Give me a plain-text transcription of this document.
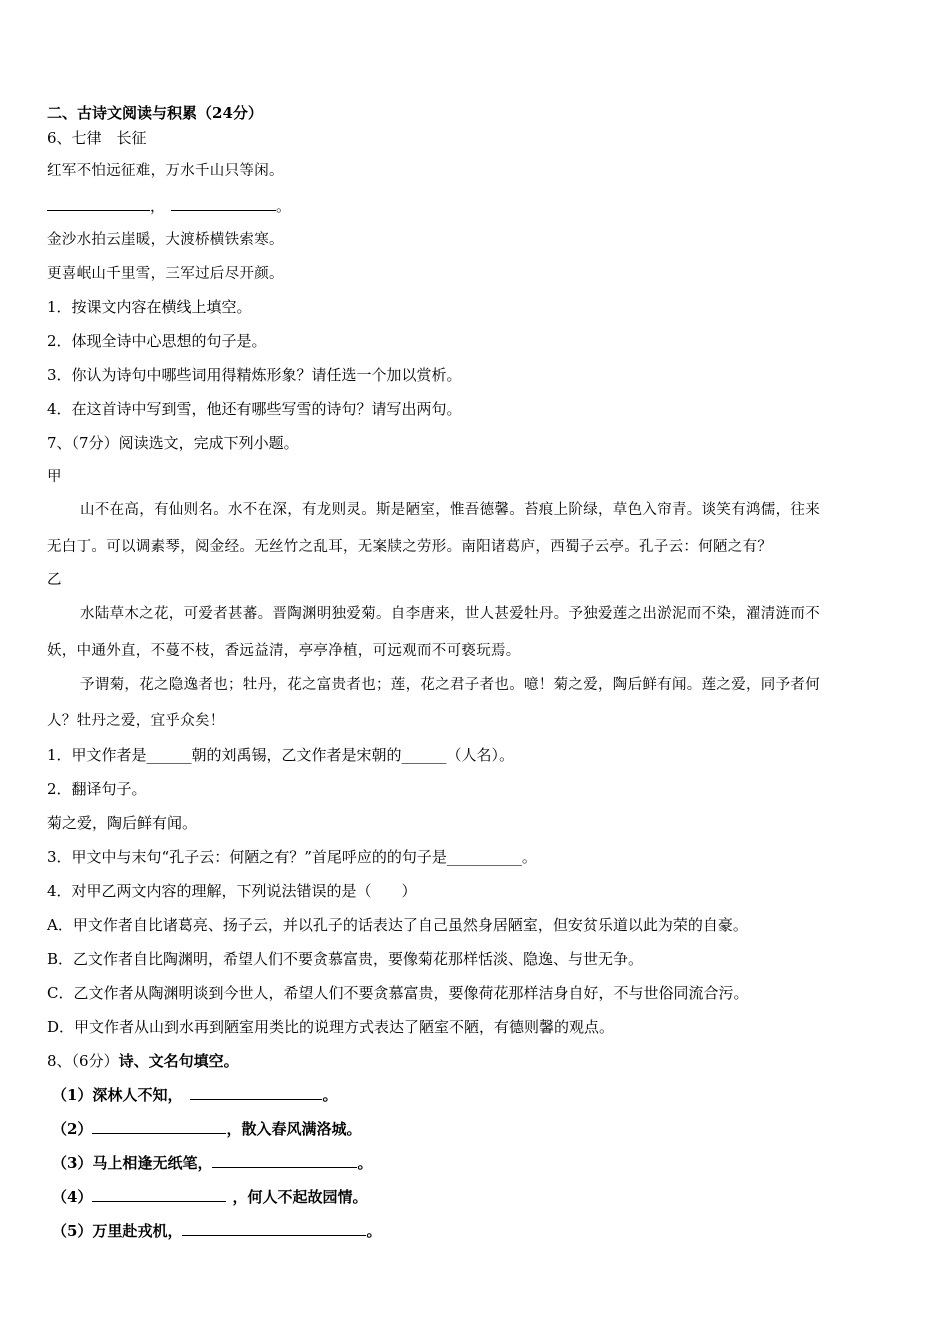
二、古诗文阅读与积累（24分）
6、七律　长征
红军不怕远征难，万水千山只等闲。
，	。
金沙水拍云崖暖，大渡桥横铁索寒。
更喜岷山千里雪，三军过后尽开颜。
1．按课文内容在横线上填空。
2．体现全诗中心思想的句子是。
3．你认为诗句中哪些词用得精炼形象？请任选一个加以赏析。
4．在这首诗中写到雪，他还有哪些写雪的诗句？请写出两句。
7、（7分）阅读选文，完成下列小题。
甲
山不在高，有仙则名。水不在深，有龙则灵。斯是陋室，惟吾德馨。苔痕上阶绿，草色入帘青。谈笑有鸿儒，往来
无白丁。可以调素琴，阅金经。无丝竹之乱耳，无案牍之劳形。南阳诸葛庐，西蜀子云亭。孔子云：何陋之有？
乙
水陆草木之花，可爱者甚蕃。晋陶渊明独爱菊。自李唐来，世人甚爱牡丹。予独爱莲之出淤泥而不染，濯清涟而不
妖，中通外直，不蔓不枝，香远益清，亭亭净植，可远观而不可亵玩焉。
予谓菊，花之隐逸者也；牡丹，花之富贵者也；莲，花之君子者也。噫！菊之爱，陶后鲜有闻。莲之爱，同予者何
人？牡丹之爱，宜乎众矣！
1．甲文作者是______朝的刘禹锡，乙文作者是宋朝的______（人名）。
2．翻译句子。
菊之爱，陶后鲜有闻。
3．甲文中与末句“孔子云：何陋之有？”首尾呼应的的句子是__________。
4．对甲乙两文内容的理解，下列说法错误的是（　　）
A．甲文作者自比诸葛亮、扬子云，并以孔子的话表达了自己虽然身居陋室，但安贫乐道以此为荣的自豪。
B．乙文作者自比陶渊明，希望人们不要贪慕富贵，要像菊花那样恬淡、隐逸、与世无争。
C．乙文作者从陶渊明谈到今世人，希望人们不要贪慕富贵，要像荷花那样洁身自好，不与世俗同流合污。
D．甲文作者从山到水再到陋室用类比的说理方式表达了陋室不陋，有德则馨的观点。
8、（6分）诗、文名句填空。
（1）深林人不知，	。
（2）	，散入春风满洛城。
（3）马上相逢无纸笔，	。
（4）	，何人不起故园情。
（5）万里赴戎机，	。
